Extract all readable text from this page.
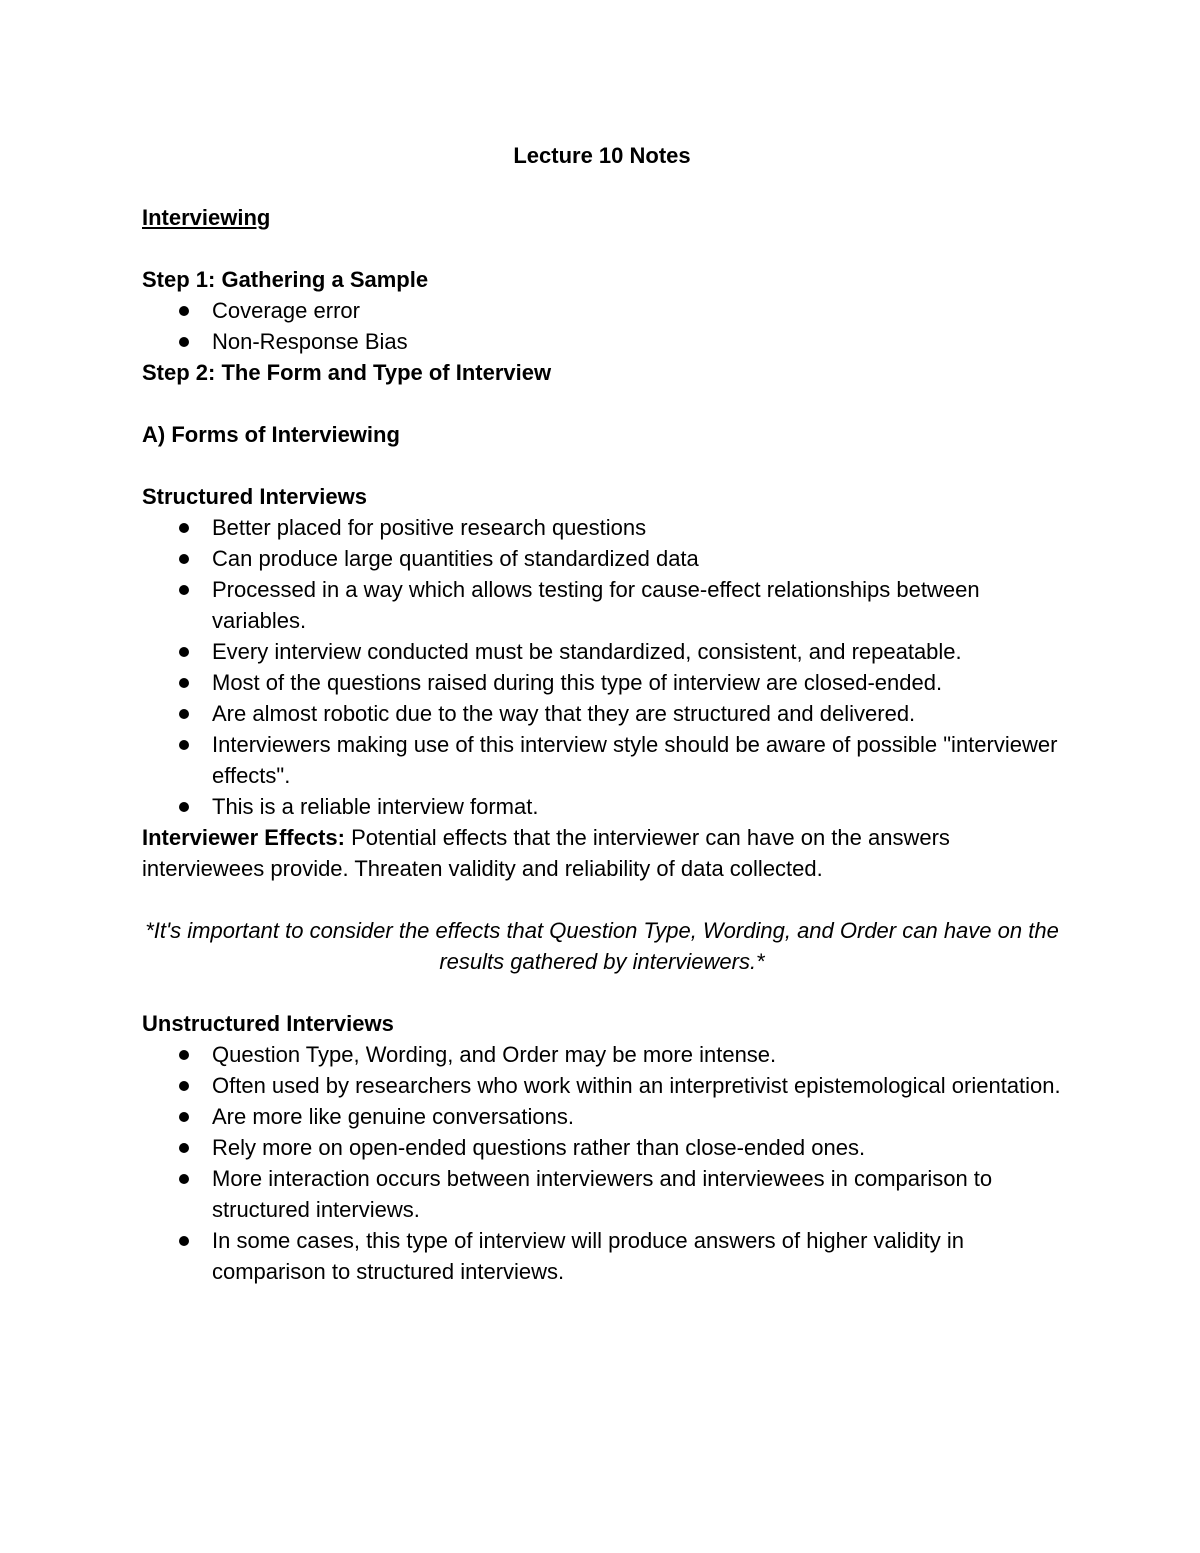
Lecture 10 Notes
Interviewing
Step 1: Gathering a Sample
Coverage error
Non-Response Bias
Step 2: The Form and Type of Interview
A) Forms of Interviewing
Structured Interviews
Better placed for positive research questions
Can produce large quantities of standardized data
Processed in a way which allows testing for cause-effect relationships between variables.
Every interview conducted must be standardized, consistent, and repeatable.
Most of the questions raised during this type of interview are closed-ended.
Are almost robotic due to the way that they are structured and delivered.
Interviewers making use of this interview style should be aware of possible "interviewer effects".
This is a reliable interview format.
Interviewer Effects: Potential effects that the interviewer can have on the answers interviewees provide. Threaten validity and reliability of data collected.
*It's important to consider the effects that Question Type, Wording, and Order can have on the results gathered by interviewers.*
Unstructured Interviews
Question Type, Wording, and Order may be more intense.
Often used by researchers who work within an interpretivist epistemological orientation.
Are more like genuine conversations.
Rely more on open-ended questions rather than close-ended ones.
More interaction occurs between interviewers and interviewees in comparison to structured interviews.
In some cases, this type of interview will produce answers of higher validity in comparison to structured interviews.
